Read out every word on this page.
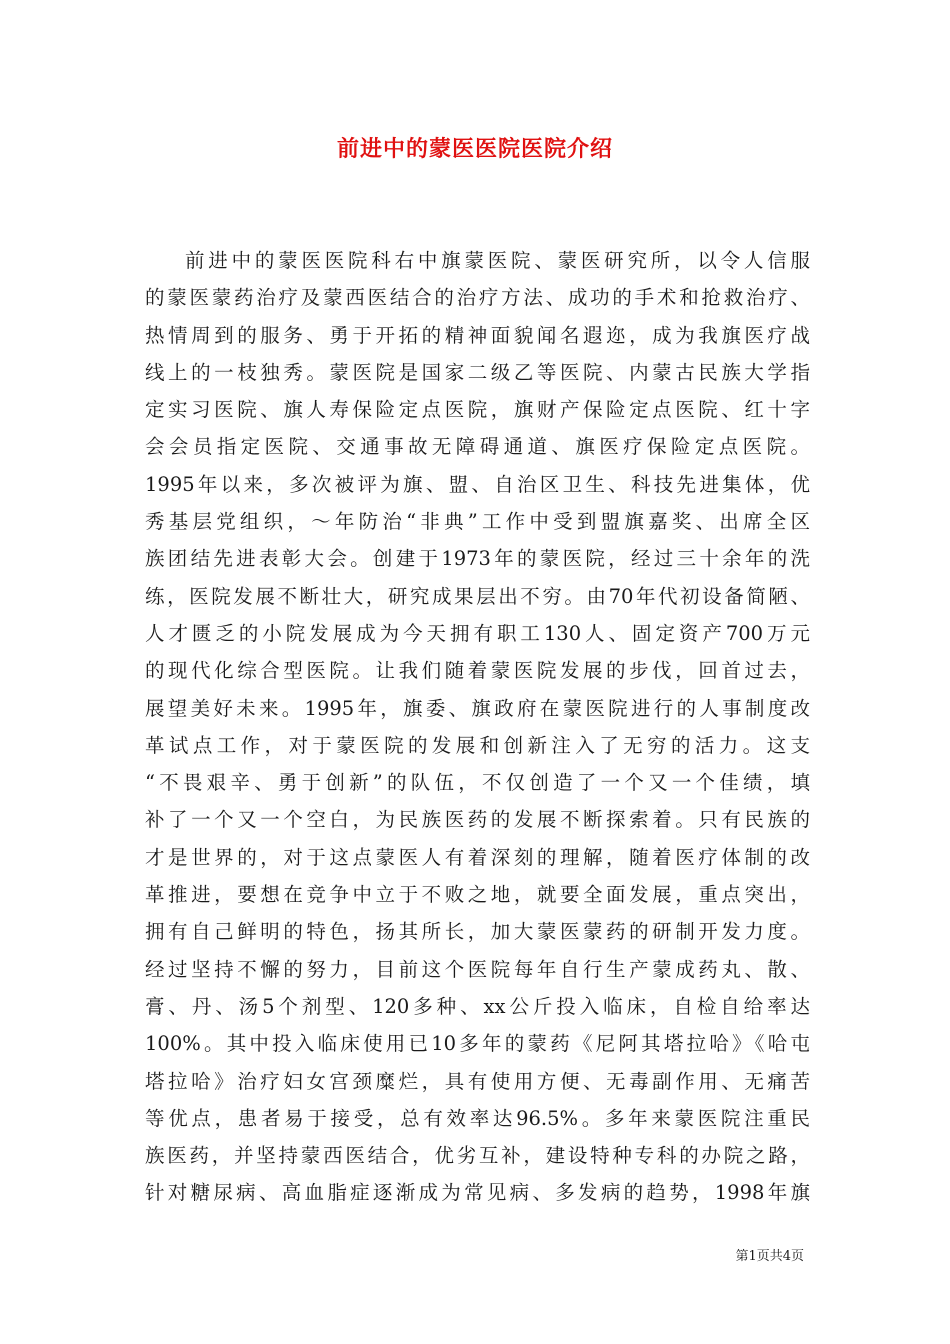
前进中的蒙医医院医院介绍
前进中的蒙医医院科右中旗蒙医院、蒙医研究所，以令人信服
的蒙医蒙药治疗及蒙西医结合的治疗方法、成功的手术和抢救治疗、
热情周到的服务、勇于开拓的精神面貌闻名遐迩，成为我旗医疗战
线上的一枝独秀。蒙医院是国家二级乙等医院、内蒙古民族大学指
定实习医院、旗人寿保险定点医院，旗财产保险定点医院、红十字
会会员指定医院、交通事故无障碍通道、旗医疗保险定点医院。
1995年以来，多次被评为旗、盟、自治区卫生、科技先进集体，优
秀基层党组织，～年防治“非典”工作中受到盟旗嘉奖、出席全区
族团结先进表彰大会。创建于1973年的蒙医院，经过三十余年的洗
练，医院发展不断壮大，研究成果层出不穷。由70年代初设备简陋、
人才匮乏的小院发展成为今天拥有职工130人、固定资产700万元
的现代化综合型医院。让我们随着蒙医院发展的步伐，回首过去，
展望美好未来。1995年，旗委、旗政府在蒙医院进行的人事制度改
革试点工作，对于蒙医院的发展和创新注入了无穷的活力。这支
“不畏艰辛、勇于创新”的队伍，不仅创造了一个又一个佳绩，填
补了一个又一个空白，为民族医药的发展不断探索着。只有民族的
才是世界的，对于这点蒙医人有着深刻的理解，随着医疗体制的改
革推进，要想在竞争中立于不败之地，就要全面发展，重点突出，
拥有自己鲜明的特色，扬其所长，加大蒙医蒙药的研制开发力度。
经过坚持不懈的努力，目前这个医院每年自行生产蒙成药丸、散、
膏、丹、汤5个剂型、120多种、xx公斤投入临床，自检自给率达
100%。其中投入临床使用已10多年的蒙药《尼阿其塔拉哈》《哈屯
塔拉哈》治疗妇女宫颈糜烂，具有使用方便、无毒副作用、无痛苦
等优点，患者易于接受，总有效率达96.5%。多年来蒙医院注重民
族医药，并坚持蒙西医结合，优劣互补，建设特种专科的办院之路，
针对糖尿病、高血脂症逐渐成为常见病、多发病的趋势，1998年旗
第1页共4页
